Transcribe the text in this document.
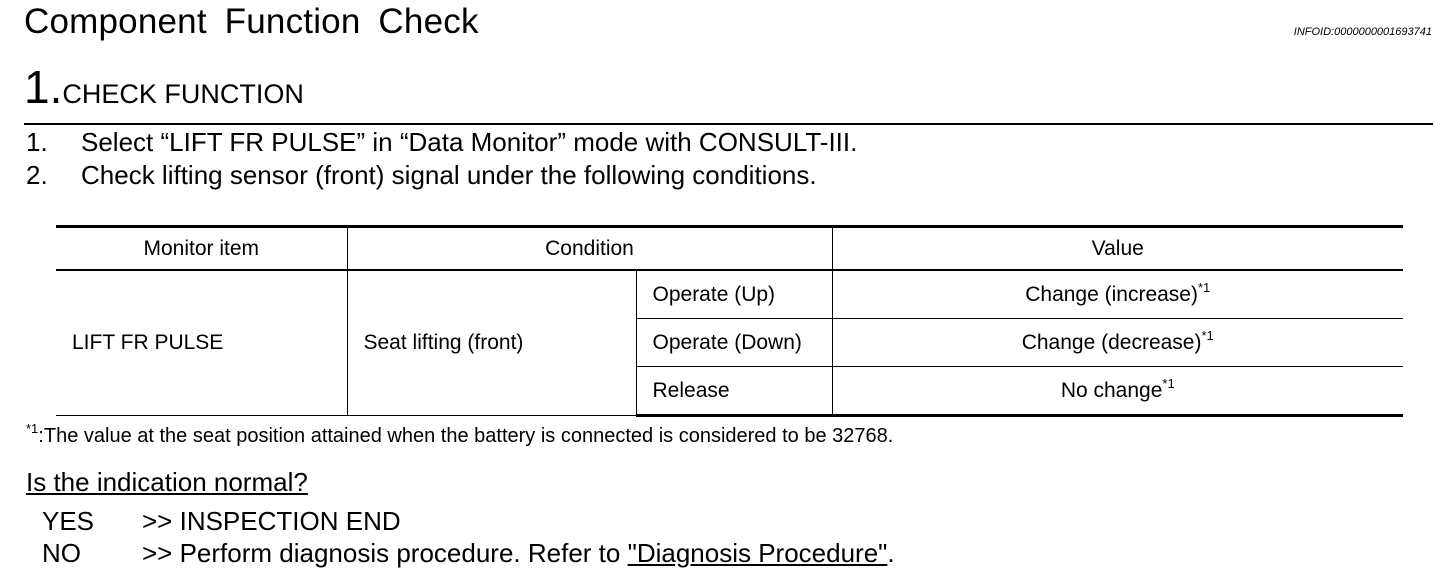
Component Function Check	INFOID:0000000001693741
1.CHECK FUNCTION
1. Select “LIFT FR PULSE” in “Data Monitor” mode with CONSULT-III.
2. Check lifting sensor (front) signal under the following conditions.
Monitor item	Condition		Value
LIFT FR PULSE	Seat lifting (front)	Operate (Up)	Change (increase)$^{*1}$
		Operate (Down)	Change (decrease)$^{*1}$
		Release	No change$^{*1}$
$^{*1}$:The value at the seat position attained when the battery is connected is considered to be 32768.
Is the indication normal?
YES >> INSPECTION END
NO >> Perform diagnosis procedure. Refer to "Diagnosis Procedure".
